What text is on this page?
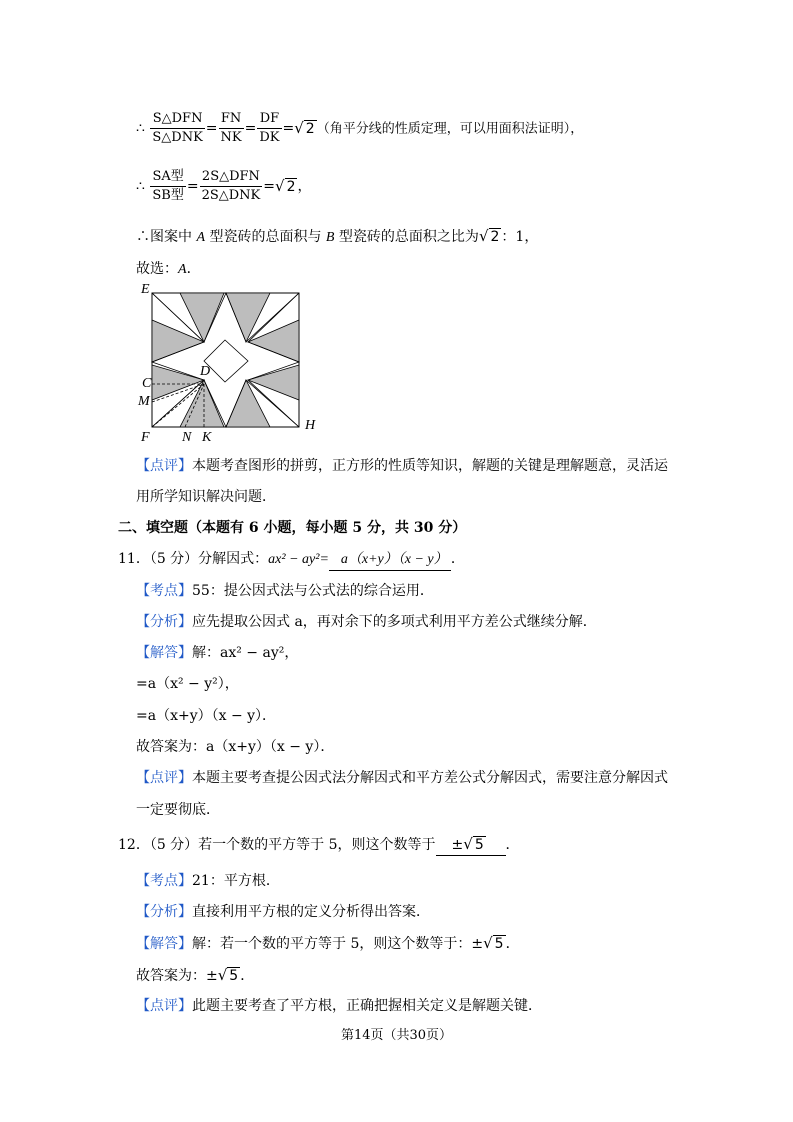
∴ $\frac{\text{S△DFN}}{\text{S△DNK}} = \frac{FN}{NK} = \frac{DF}{DK}$ =√ 2 （角平分线的性质定理，可以用面积法证明），
∴ $\frac{\text{SA型}}{\text{SB型}} = \frac{\text{2S△DFN}}{\text{2S△DNK}}$ =√ 2 ，
∴图案中 A 型瓷砖的总面积与 B 型瓷砖的总面积之比为√ 2 ：1，
故选：A．
E
C
D
M
F N K
H
【点评】本题考查图形的拼剪，正方形的性质等知识，解题的关键是理解题意，灵活运
用所学知识解决问题．
二、填空题（本题有 6 小题，每小题 5 分，共 30 分）
11．（5 分）分解因式：ax² − ay²= a（x+y）（x − y） ．
【考点】55：提公因式法与公式法的综合运用．
【分析】应先提取公因式 a，再对余下的多项式利用平方差公式继续分解．
【解答】解：ax² − ay²，
=a（x² − y²），
=a（x+y）（x − y）．
故答案为：a（x+y）（x − y）．
【点评】本题主要考查提公因式法分解因式和平方差公式分解因式，需要注意分解因式
一定要彻底．
12．（5 分）若一个数的平方等于 5，则这个数等于 ±√ 5 ．
【考点】21：平方根．
【分析】直接利用平方根的定义分析得出答案．
【解答】解：若一个数的平方等于 5，则这个数等于：±√ 5 ．
故答案为：±√ 5 ．
【点评】此题主要考查了平方根，正确把握相关定义是解题关键．
第14页（共30页）
